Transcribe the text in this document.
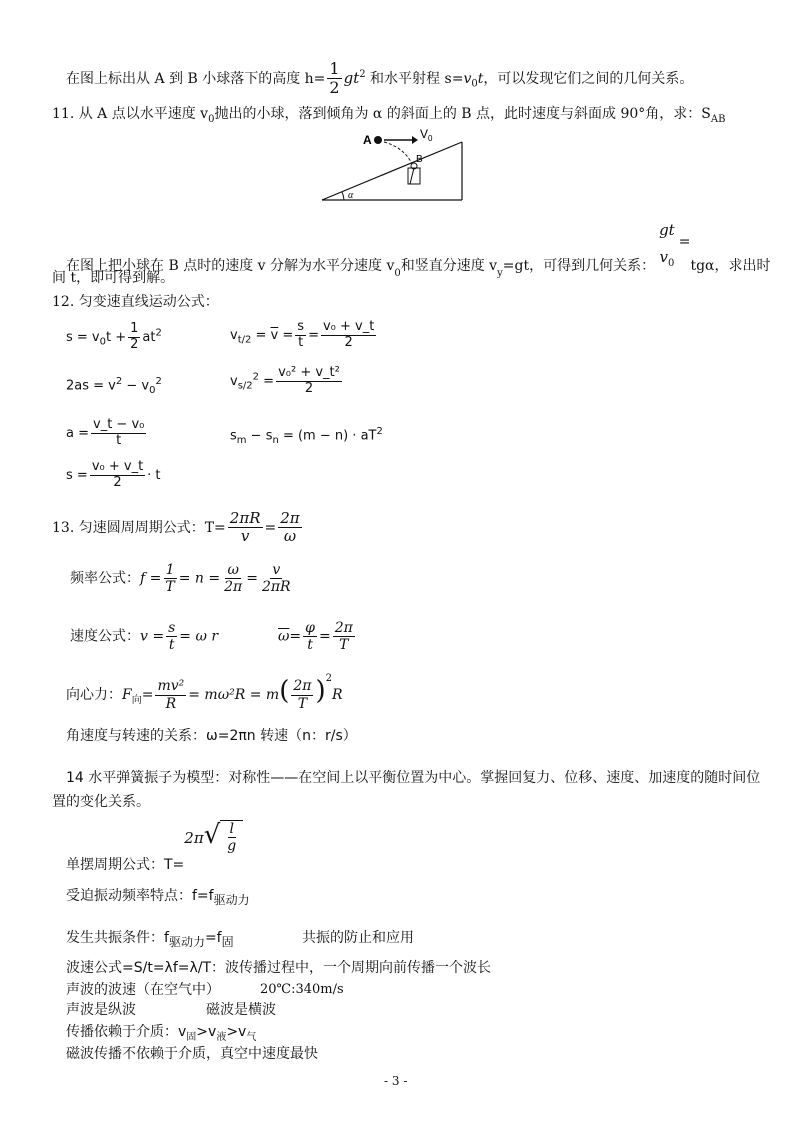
在图上标出从 A 到 B 小球落下的高度 $h= \frac{1}{2} gt^2$ 和水平射程 $s=v_0t$，可以发现它们之间的几何关系。
11. 从 A 点以水平速度 $v_0$抛出的小球，落到倾角为 α 的斜面上的 B 点，此时速度与斜面成 90°角，求：$S_{AB}$
A	V 0
B
α
在图上把小球在 B 点时的速度 v 分解为水平分速度 $v_0$和竖直分速度 $v_y=gt$，可得到几何关系：
gt
$v_0$
=tgα，求出时
间 t，即可得到解。
12. 匀变速直线运动公式：
$s = v_0t + \frac{1}{2} at^2$	$v_{t/2} = \overline{v} = \frac{s}{t} = \frac{\text{v₀ + v\_t}}{2}$
$2as = v^2 - v_0^2$	$v_{s/2}^2 = \frac{\text{v₀² + v\_t²}}{2}$
$a = \frac{\text{v\_t − v₀}}{t}$	$s_m - s_n = (m - n) \cdot aT^2$
$s = \frac{\text{v₀ + v\_t}}{2} \cdot t$
13. 匀速圆周周期公式：$T= \frac{2\pi R}{v} = \frac{2\pi}{\omega}$
频率公式：$f = \frac{1}{T} = n = \frac{\omega}{2\pi} = \frac{v}{2\pi R}$
速度公式：$v = \frac{s}{t} = \omega$ r	$\overline{\omega}= \frac{\varphi}{t} = \frac{2\pi}{T}$
向心力：$F_向= \frac{\text{mv²}}{R} = m\omega^2R = m( \frac{2\pi}{T} )^2R$
角速度与转速的关系：ω=2πn 转速（n：r/s）
14 水平弹簧振子为模型：对称性——在空间上以平衡位置为中心。掌握回复力、位移、速度、加速度的随时间位
置的变化关系。
单摆周期公式：T=2π √ $\frac{l}{g}$
受迫振动频率特点：$f=f_{驱动力}$
发生共振条件：$f_{驱动力}=f_固$	共振的防止和应用
波速公式=S/t=λf=λ/T：波传播过程中，一个周期向前传播一个波长
声波的波速（在空气中）	20℃:340m/s
声波是纵波	磁波是横波
传播依赖于介质：$v_固>v_液>v_气$
磁波传播不依赖于介质，真空中速度最快
- 3 -
